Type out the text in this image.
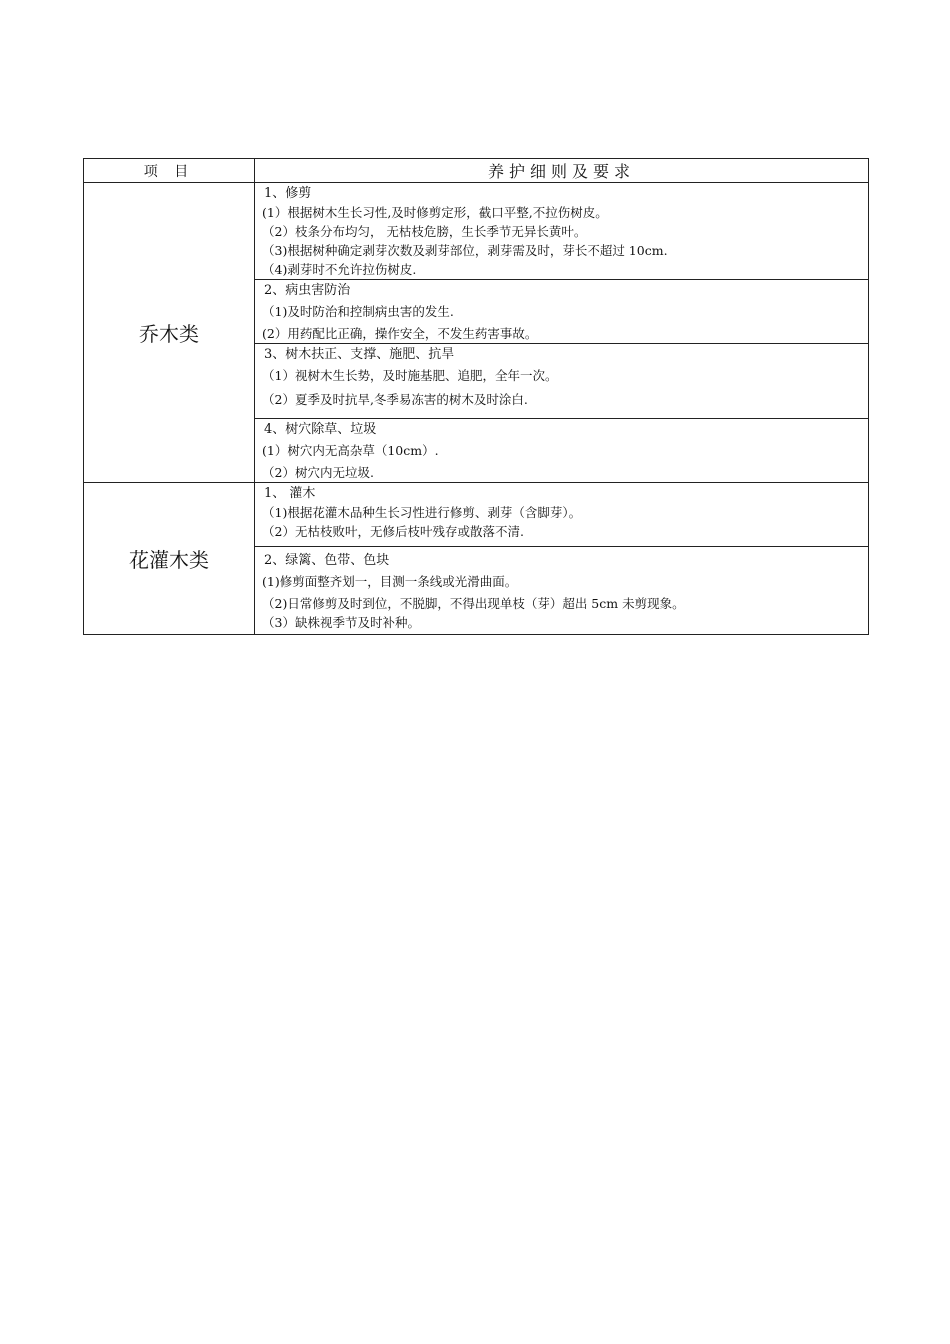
项 目	养护细则及要求
乔木类	1、修剪
(1）根据树木生长习性,及时修剪定形，截口平整,不拉伤树皮。
（2）枝条分布均匀， 无枯枝危膀，生长季节无异长黄叶。
（3)根据树种确定剥芽次数及剥芽部位，剥芽需及时，芽长不超过 10cm.
（4)剥芽时不允许拉伤树皮.

	2、病虫害防治
（1)及时防治和控制病虫害的发生.
(2）用药配比正确，操作安全，不发生药害事故。

	3、树木扶正、支撑、施肥、抗旱
（1）视树木生长势，及时施基肥、追肥，全年一次。
（2）夏季及时抗旱,冬季易冻害的树木及时涂白.

	4、树穴除草、垃圾
(1）树穴内无高杂草（10cm）.
（2）树穴内无垃圾.

花灌木类	1、 灌木
（1)根据花灌木品种生长习性进行修剪、剥芽（含脚芽）。
（2）无枯枝败叶，无修后枝叶残存或散落不清.

	2、绿篱、色带、色块
(1)修剪面整齐划一，目测一条线或光滑曲面。
（2)日常修剪及时到位，不脱脚，不得出现单枝（芽）超出 5cm 未剪现象。
（3）缺株视季节及时补种。
